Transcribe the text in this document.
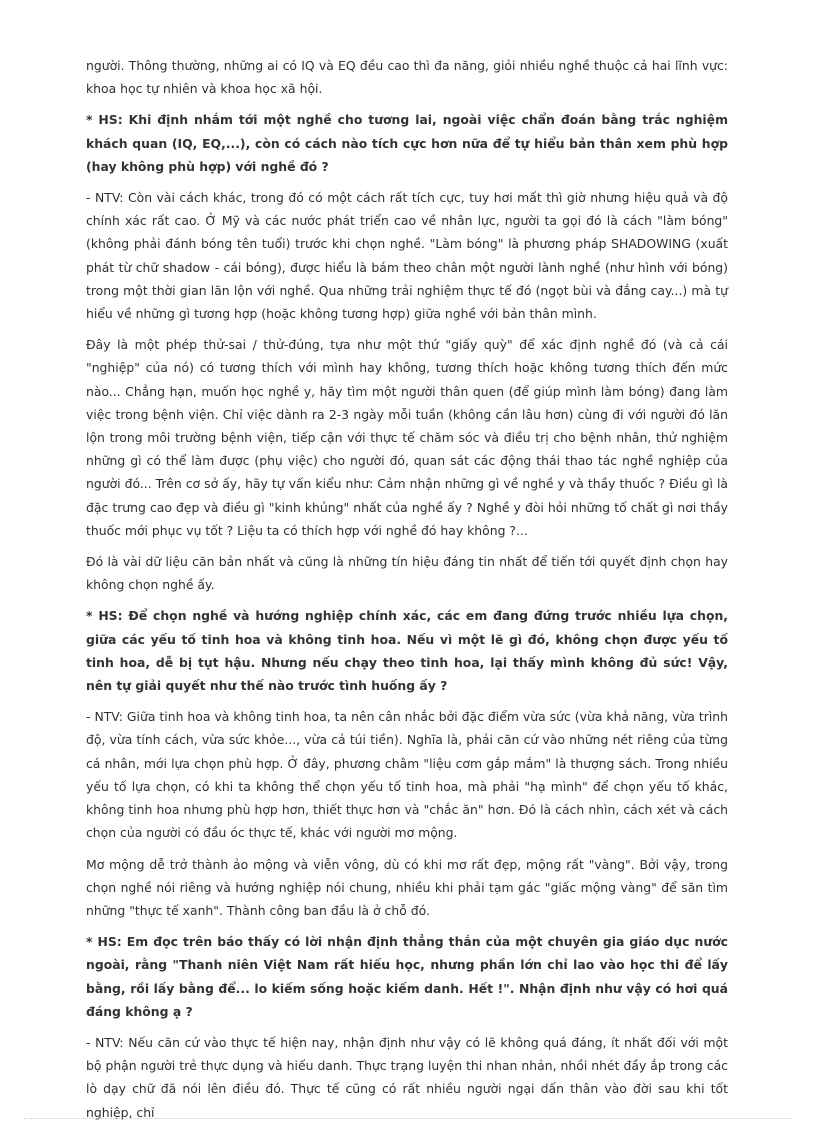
người. Thông thường, những ai có IQ và EQ đều cao thì đa năng, giỏi nhiều nghề thuộc cả hai lĩnh vực: khoa học tự nhiên và khoa học xã hội.

* HS: Khi định nhắm tới một nghề cho tương lai, ngoài việc chẩn đoán bằng trắc nghiệm khách quan (IQ, EQ,...), còn có cách nào tích cực hơn nữa để tự hiểu bản thân xem phù hợp (hay không phù hợp) với nghề đó ?

- NTV: Còn vài cách khác, trong đó có một cách rất tích cực, tuy hơi mất thì giờ nhưng hiệu quả và độ chính xác rất cao. Ở Mỹ và các nước phát triển cao về nhân lực, người ta gọi đó là cách "làm bóng" (không phải đánh bóng tên tuổi) trước khi chọn nghề. "Làm bóng" là phương pháp SHADOWING (xuất phát từ chữ shadow - cái bóng), được hiểu là bám theo chân một người lành nghề (như hình với bóng) trong một thời gian lăn lộn với nghề. Qua những trải nghiệm thực tế đó (ngọt bùi và đắng cay...) mà tự hiểu về những gì tương hợp (hoặc không tương hợp) giữa nghề với bản thân mình.

Đây là một phép thử-sai / thử-đúng, tựa như một thứ "giấy quỳ" để xác định nghề đó (và cả cái "nghiệp" của nó) có tương thích với mình hay không, tương thích hoặc không tương thích đến mức nào... Chẳng hạn, muốn học nghề y, hãy tìm một người thân quen (để giúp mình làm bóng) đang làm việc trong bệnh viện. Chỉ việc dành ra 2-3 ngày mỗi tuần (không cần lâu hơn) cùng đi với người đó lăn lộn trong môi trường bệnh viện, tiếp cận với thực tế chăm sóc và điều trị cho bệnh nhân, thử nghiệm những gì có thể làm được (phụ việc) cho người đó, quan sát các động thái thao tác nghề nghiệp của người đó... Trên cơ sở ấy, hãy tự vấn kiểu như: Cảm nhận những gì về nghề y và thầy thuốc ? Điều gì là đặc trưng cao đẹp và điều gì "kinh khủng" nhất của nghề ấy ? Nghề y đòi hỏi những tố chất gì nơi thầy thuốc mới phục vụ tốt ? Liệu ta có thích hợp với nghề đó hay không ?...

Đó là vài dữ liệu căn bản nhất và cũng là những tín hiệu đáng tin nhất để tiến tới quyết định chọn hay không chọn nghề ấy.

* HS: Để chọn nghề và hướng nghiệp chính xác, các em đang đứng trước nhiều lựa chọn, giữa các yếu tố tinh hoa và không tinh hoa. Nếu vì một lẽ gì đó, không chọn được yếu tố tinh hoa, dễ bị tụt hậu. Nhưng nếu chạy theo tinh hoa, lại thấy mình không đủ sức! Vậy, nên tự giải quyết như thế nào trước tình huống ấy ?

- NTV: Giữa tinh hoa và không tinh hoa, ta nên cân nhắc bởi đặc điểm vừa sức (vừa khả năng, vừa trình độ, vừa tính cách, vừa sức khỏe..., vừa cả túi tiền). Nghĩa là, phải căn cứ vào những nét riêng của từng cá nhân, mới lựa chọn phù hợp. Ở đây, phương châm "liệu cơm gắp mắm" là thượng sách. Trong nhiều yếu tố lựa chọn, có khi ta không thể chọn yếu tố tinh hoa, mà phải "hạ mình" để chọn yếu tố khác, không tinh hoa nhưng phù hợp hơn, thiết thực hơn và "chắc ăn" hơn. Đó là cách nhìn, cách xét và cách chọn của người có đầu óc thực tế, khác với người mơ mộng.

Mơ mộng dễ trở thành ảo mộng và viễn vông, dù có khi mơ rất đẹp, mộng rất "vàng". Bởi vậy, trong chọn nghề nói riêng và hướng nghiệp nói chung, nhiều khi phải tạm gác "giấc mộng vàng" để săn tìm những "thực tế xanh". Thành công ban đầu là ở chỗ đó.

* HS: Em đọc trên báo thấy có lời nhận định thẳng thắn của một chuyên gia giáo dục nước ngoài, rằng "Thanh niên Việt Nam rất hiếu học, nhưng phần lớn chỉ lao vào học thi để lấy bằng, rồi lấy bằng để... lo kiếm sống hoặc kiếm danh. Hết !". Nhận định như vậy có hơi quá đáng không ạ ?

- NTV: Nếu căn cứ vào thực tế hiện nay, nhận định như vậy có lẽ không quá đáng, ít nhất đối với một bộ phận người trẻ thực dụng và hiếu danh. Thực trạng luyện thi nhan nhản, nhồi nhét đầy ắp trong các lò dạy chữ đã nói lên điều đó. Thực tế cũng có rất nhiều người ngại dấn thân vào đời sau khi tốt nghiệp, chỉ
